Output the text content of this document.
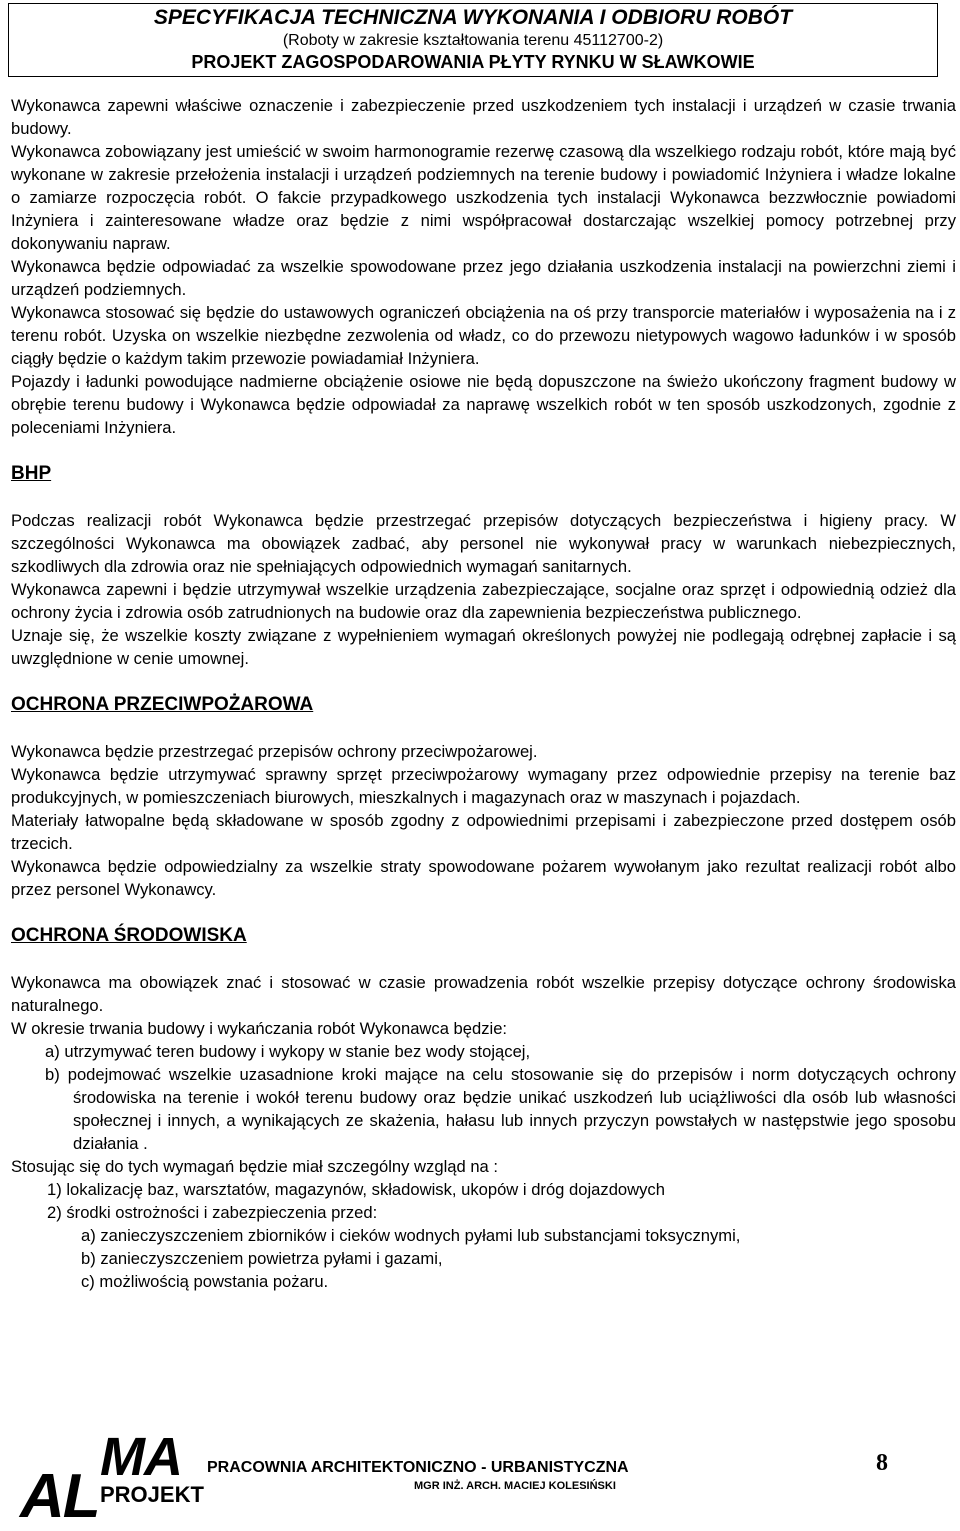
SPECYFIKACJA TECHNICZNA WYKONANIA I ODBIORU ROBÓT
(Roboty w zakresie kształtowania terenu 45112700-2)
PROJEKT ZAGOSPODAROWANIA PŁYTY RYNKU W SŁAWKOWIE

Wykonawca zapewni właściwe oznaczenie i zabezpieczenie przed uszkodzeniem tych instalacji i urządzeń w czasie trwania budowy.

Wykonawca zobowiązany jest umieścić w swoim harmonogramie rezerwę czasową dla wszelkiego rodzaju robót, które mają być wykonane w zakresie przełożenia instalacji i urządzeń podziemnych na terenie budowy i powiadomić Inżyniera i władze lokalne o zamiarze rozpoczęcia robót. O fakcie przypadkowego uszkodzenia tych instalacji Wykonawca bezzwłocznie powiadomi Inżyniera i zainteresowane władze oraz będzie z nimi współpracował dostarczając wszelkiej pomocy potrzebnej przy dokonywaniu napraw.

Wykonawca będzie odpowiadać za wszelkie spowodowane przez jego działania uszkodzenia instalacji na powierzchni ziemi i urządzeń podziemnych.

Wykonawca stosować się będzie do ustawowych ograniczeń obciążenia na oś przy transporcie materiałów i wyposażenia na i z terenu robót. Uzyska on wszelkie niezbędne zezwolenia od władz, co do przewozu nietypowych wagowo ładunków i w sposób ciągły będzie o każdym takim przewozie powiadamiał Inżyniera.

Pojazdy i ładunki powodujące nadmierne obciążenie osiowe nie będą dopuszczone na świeżo ukończony fragment budowy w obrębie terenu budowy i Wykonawca będzie odpowiadał za naprawę wszelkich robót w ten sposób uszkodzonych, zgodnie z poleceniami Inżyniera.

BHP

Podczas realizacji robót Wykonawca będzie przestrzegać przepisów dotyczących bezpieczeństwa i higieny pracy. W szczególności Wykonawca ma obowiązek zadbać, aby personel nie wykonywał pracy w warunkach niebezpiecznych, szkodliwych dla zdrowia oraz nie spełniających odpowiednich wymagań sanitarnych.

Wykonawca zapewni i będzie utrzymywał wszelkie urządzenia zabezpieczające, socjalne oraz sprzęt i odpowiednią odzież dla ochrony życia i zdrowia osób zatrudnionych na budowie oraz dla zapewnienia bezpieczeństwa publicznego.

Uznaje się, że wszelkie koszty związane z wypełnieniem wymagań określonych powyżej nie podlegają odrębnej zapłacie i są uwzględnione w cenie umownej.

OCHRONA PRZECIWPOŻAROWA

Wykonawca będzie przestrzegać przepisów ochrony przeciwpożarowej.

Wykonawca będzie utrzymywać sprawny sprzęt przeciwpożarowy wymagany przez odpowiednie przepisy na terenie baz produkcyjnych, w pomieszczeniach biurowych, mieszkalnych i magazynach oraz w maszynach i pojazdach.

Materiały łatwopalne będą składowane w sposób zgodny z odpowiednimi przepisami i zabezpieczone przed dostępem osób trzecich.

Wykonawca będzie odpowiedzialny za wszelkie straty spowodowane pożarem wywołanym jako rezultat realizacji robót albo przez personel Wykonawcy.

OCHRONA ŚRODOWISKA

Wykonawca ma obowiązek znać i stosować w czasie prowadzenia robót wszelkie przepisy dotyczące ochrony środowiska naturalnego.

W okresie trwania budowy i wykańczania robót Wykonawca będzie:

a) utrzymywać teren budowy i wykopy w stanie bez wody stojącej,

b) podejmować wszelkie uzasadnione kroki mające na celu stosowanie się do przepisów i norm dotyczących ochrony środowiska na terenie i wokół terenu budowy oraz będzie unikać uszkodzeń lub uciążliwości dla osób lub własności społecznej i innych, a wynikających ze skażenia, hałasu lub innych przyczyn powstałych w następstwie jego sposobu działania .

Stosując się do tych wymagań będzie miał szczególny wzgląd na :

1) lokalizację baz, warsztatów, magazynów, składowisk, ukopów i dróg dojazdowych

2) środki ostrożności i zabezpieczenia przed:

a) zanieczyszczeniem zbiorników i cieków wodnych pyłami lub substancjami toksycznymi,

b) zanieczyszczeniem powietrza pyłami i gazami,

c) możliwością powstania pożaru.

AL
MA
PROJEKT
PRACOWNIA ARCHITEKTONICZNO - URBANISTYCZNA
MGR INŻ. ARCH. MACIEJ KOLESIŃSKI
8
